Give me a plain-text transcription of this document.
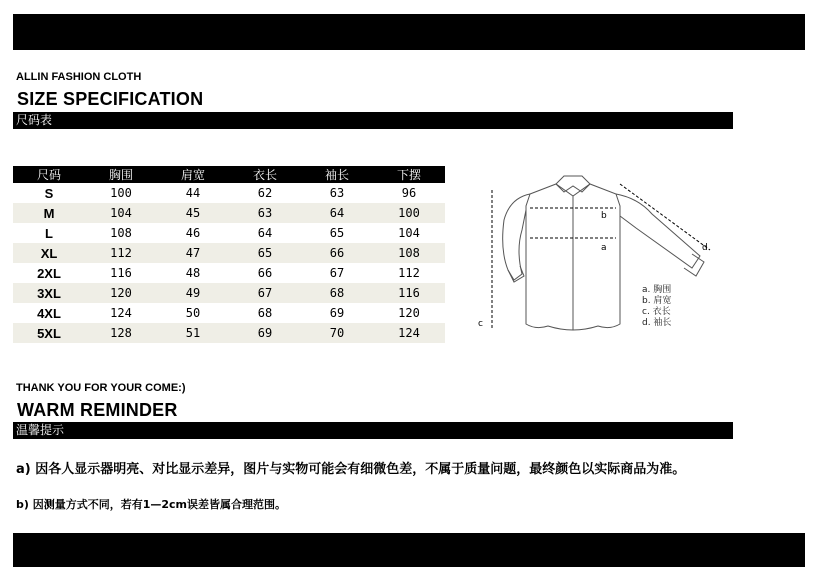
ALLIN FASHION CLOTH
SIZE SPECIFICATION
尺码表
尺码	胸围	肩宽	衣长	袖长	下摆
S	100	44	62	63	96
M	104	45	63	64	100
L	108	46	64	65	104
XL	112	47	65	66	108
2XL	116	48	66	67	112
3XL	120	49	67	68	116
4XL	124	50	68	69	120
5XL	128	51	69	70	124
a
b
c
d
a. 胸围
b. 肩宽
c. 衣长
d. 袖长
THANK YOU FOR YOUR COME:)
WARM REMINDER
温馨提示
a) 因各人显示器明亮、对比显示差异，图片与实物可能会有细微色差，不属于质量问题，最终颜色以实际商品为准。
b) 因测量方式不同，若有1—2cm误差皆属合理范围。
